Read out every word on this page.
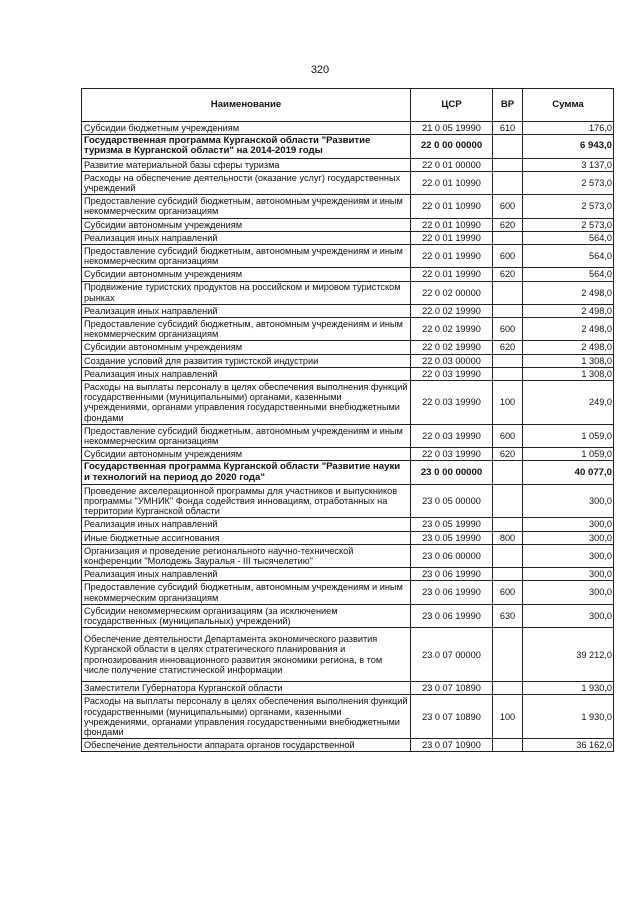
320
Наименование	ЦСР	ВР	Сумма
Субсидии бюджетным учреждениям	21 0 05 19990	610	176,0
Государственная программа Курганской области "Развитие туризма в Курганской области" на 2014-2019 годы	22 0 00 00000		6 943,0
Развитие материальной базы сферы туризма	22 0 01 00000		3 137,0
Расходы на обеспечение деятельности (оказание услуг) государственных учреждений	22 0 01 10990		2 573,0
Предоставление субсидий бюджетным, автономным учреждениям и иным некоммерческим организациям	22 0 01 10990	600	2 573,0
Субсидии автономным учреждениям	22 0 01 10990	620	2 573,0
Реализация иных направлений	22 0 01 19990		564,0
Предоставление субсидий бюджетным, автономным учреждениям и иным некоммерческим организациям	22 0 01 19990	600	564,0
Субсидии автономным учреждениям	22 0 01 19990	620	564,0
Продвижение туристских продуктов на российском и мировом туристском рынках	22 0 02 00000		2 498,0
Реализация иных направлений	22 0 02 19990		2 498,0
Предоставление субсидий бюджетным, автономным учреждениям и иным некоммерческим организациям	22 0 02 19990	600	2 498,0
Субсидии автономным учреждениям	22 0 02 19990	620	2 498,0
Создание условий для развития туристской индустрии	22 0 03 00000		1 308,0
Реализация иных направлений	22 0 03 19990		1 308,0
Расходы на выплаты персоналу в целях обеспечения выполнения функций государственными (муниципальными) органами, казенными учреждениями, органами управления государственными внебюджетными фондами	22 0 03 19990	100	249,0
Предоставление субсидий бюджетным, автономным учреждениям и иным некоммерческим организациям	22 0 03 19990	600	1 059,0
Субсидии автономным учреждениям	22 0 03 19990	620	1 059,0
Государственная программа Курганской области "Развитие науки и технологий на период до 2020 года"	23 0 00 00000		40 077,0
Проведение акселерационной программы для участников и выпускников программы "УМНИК" Фонда содействия инновациям, отработанных на территории Курганской области	23 0 05 00000		300,0
Реализация иных направлений	23 0 05 19990		300,0
Иные бюджетные ассигнования	23 0 05 19990	800	300,0
Организация и проведение регионального научно-технической конференции "Молодежь Зауралья - III тысячелетию"	23 0 06 00000		300,0
Реализация иных направлений	23 0 06 19990		300,0
Предоставление субсидий бюджетным, автономным учреждениям и иным некоммерческим организациям	23 0 06 19990	600	300,0
Субсидии некоммерческим организациям (за исключением государственных (муниципальных) учреждений)	23 0 06 19990	630	300,0
Обеспечение деятельности Департамента экономического развития Курганской области в целях стратегического планирования и прогнозирования инновационного развития экономики региона, в том числе получение статистической информации	23 0 07 00000		39 212,0
Заместители Губернатора Курганской области	23 0 07 10890		1 930,0
Расходы на выплаты персоналу в целях обеспечения выполнения функций государственными (муниципальными) органами, казенными учреждениями, органами управления государственными внебюджетными фондами	23 0 07 10890	100	1 930,0
Обеспечение деятельности аппарата органов государственной	23 0 07 10900		36 162,0
